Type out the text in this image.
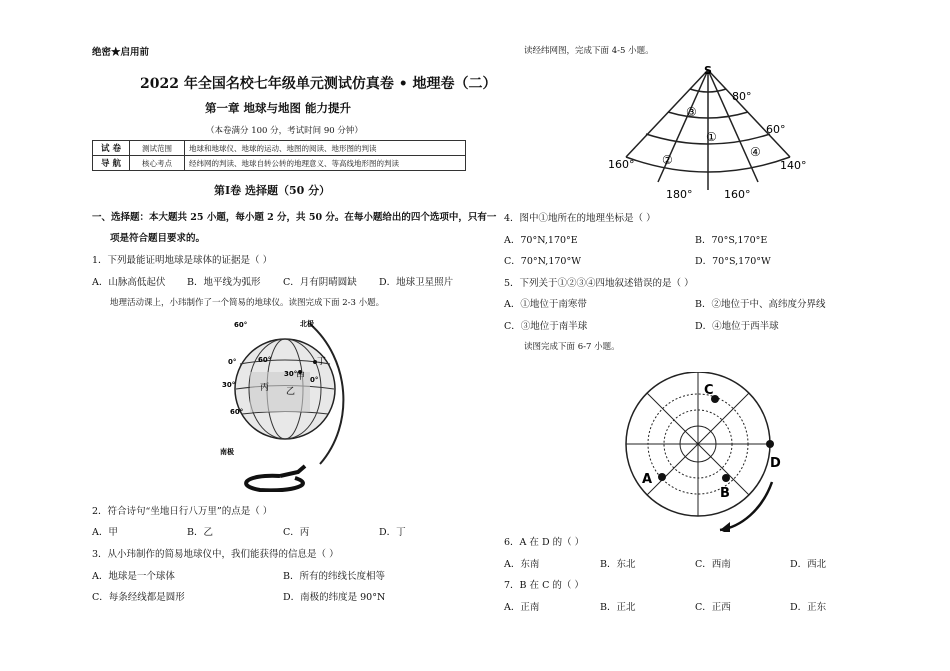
绝密★启用前
2022 年全国名校七年级单元测试仿真卷 • 地理卷（二）
第一章 地球与地图 能力提升
（本卷满分 100 分，考试时间 90 分钟）
试 卷	测试范围	地球和地球仪、地球的运动、地图的阅读、地形图的判读
导 航	核心考点	经纬网的判读、地球自转公转的地理意义、等高线地形图的判读
第Ⅰ卷 选择题（50 分）
一、选择题：本大题共 25 小题，每小题 2 分，共 50 分。在每小题给出的四个选项中，只有一
项是符合题目要求的。
1．下列最能证明地球是球体的证据是（ ）
A．山脉高低起伏 B．地平线为弧形 C．月有阴晴圆缺 D．地球卫星照片
地理活动课上，小玮制作了一个简易的地球仪。读图完成下面 2-3 小题。
北极
南极
60°
0°
30°
60°
60°
30°
0°
甲
乙
丙
丁
2．符合诗句“坐地日行八万里”的点是（ ）
A．甲	B．乙	C．丙	D．丁
3．从小玮制作的简易地球仪中，我们能获得的信息是（ ）
A．地球是一个球体	B．所有的纬线长度相等
C．每条经线都是圆形	D．南极的纬度是 90°N
读经纬网图，完成下面 4-5 小题。
S
80°
60°
160°
180°	160°
140°
③
①
②
④
4．图中①地所在的地理坐标是（ ）
A．70°N,170°E	B．70°S,170°E
C．70°N,170°W	D．70°S,170°W
5．下列关于①②③④四地叙述错误的是（ ）
A．①地位于南寒带	B．②地位于中、高纬度分界线
C．③地位于南半球	D．④地位于西半球
读图完成下面 6-7 小题。
C
D
A
B
6．A 在 D 的（ ）
A．东南	B．东北	C．西南	D．西北
7．B 在 C 的（ ）
A．正南	B．正北	C．正西	D．正东
